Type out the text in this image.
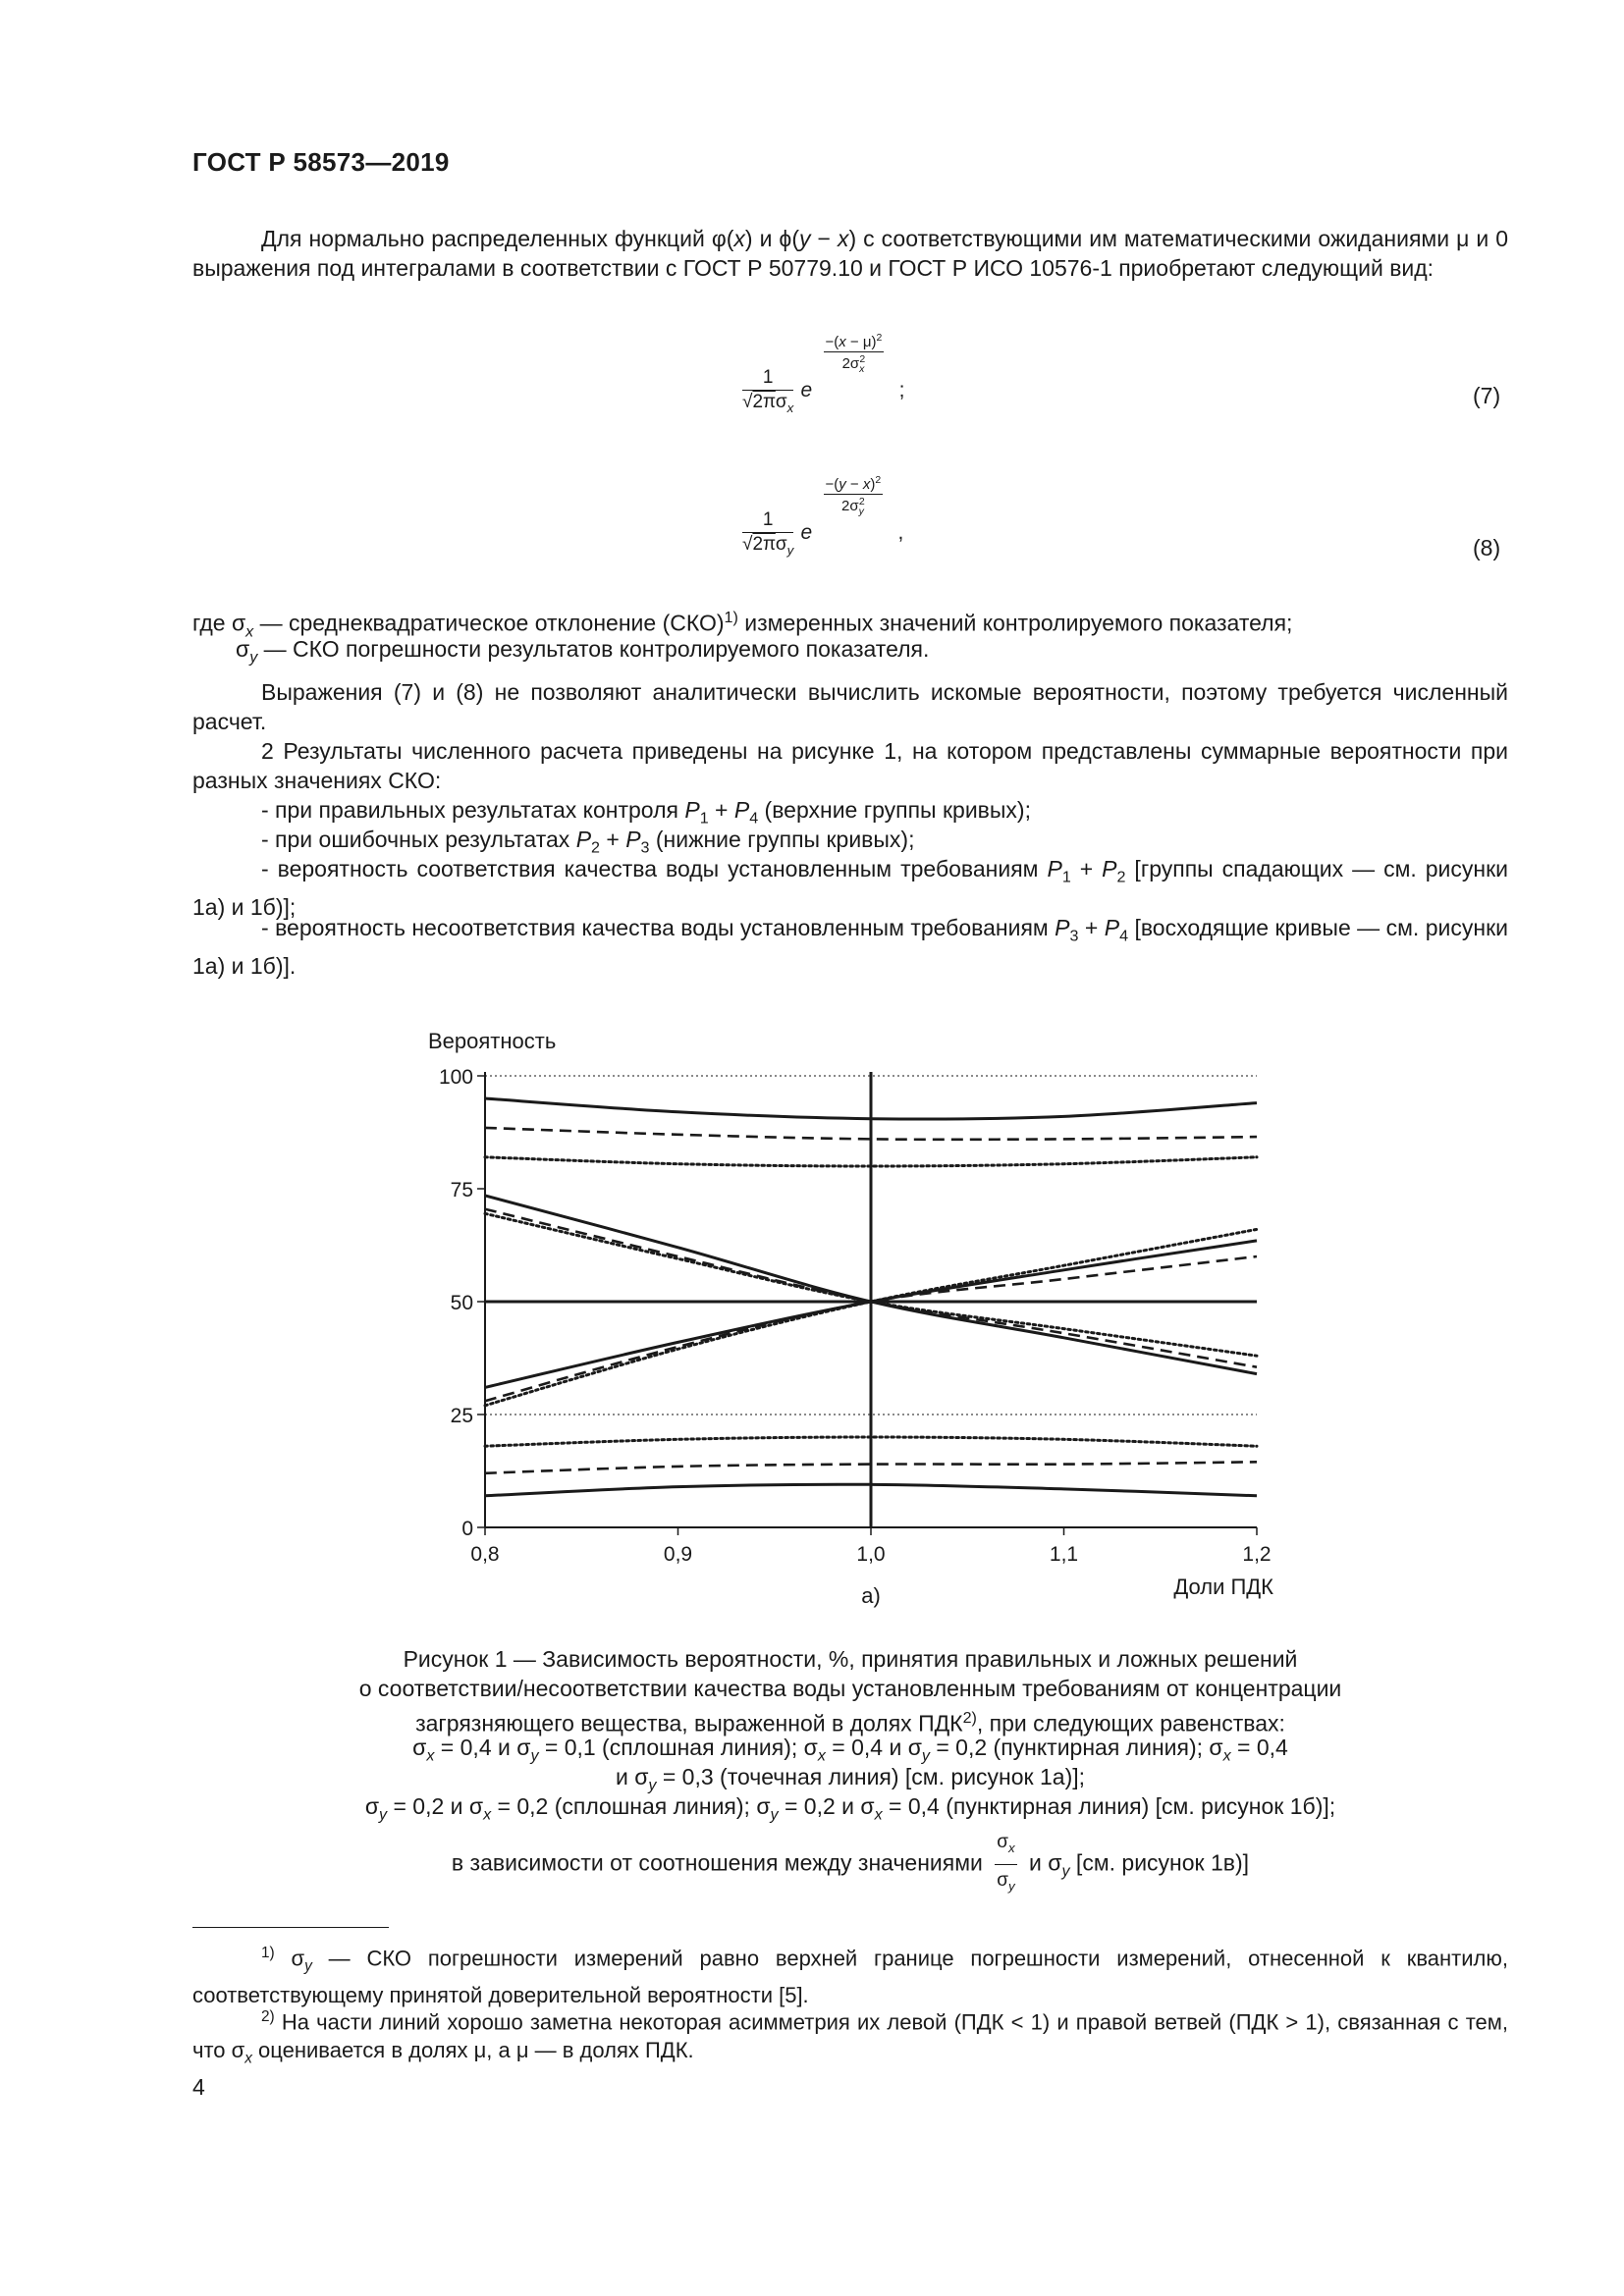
ГОСТ Р 58573—2019
Для нормально распределенных функций φ(x) и ϕ(y − x) с соответствующими им математическими ожиданиями μ и 0 выражения под интегралами в соответствии с ГОСТ Р 50779.10 и ГОСТ Р ИСО 10576-1 приобретают следующий вид:
$\frac{1}{√2\pi\sigma_x}$ e
$\frac{-(x - \mu)^2}{2\sigma_x^2}$
;	(7)
$\frac{1}{√2\pi\sigma_y}$ e
$\frac{-(y - x)^2}{2\sigma_y^2}$
,
(8)
где $\sigma_x$ — среднеквадратическое отклонение (СКО)$^{1)}$ измеренных значений контролируемого показателя;
$\sigma_y$ — СКО погрешности результатов контролируемого показателя.
Выражения (7) и (8) не позволяют аналитически вычислить искомые вероятности, поэтому требуется численный расчет.
2 Результаты численного расчета приведены на рисунке 1, на котором представлены суммарные вероятности при разных значениях СКО:
- при правильных результатах контроля $P_1 + P_4$ (верхние группы кривых);
- при ошибочных результатах $P_2 + P_3$ (нижние группы кривых);
- вероятность соответствия качества воды установленным требованиям $P_1 + P_2$ [группы спадающих — см. рисунки 1а) и 1б)];
- вероятность несоответствия качества воды установленным требованиям $P_3 + P_4$ [восходящие кривые — см. рисунки 1а) и 1б)].
0
25
50
75
100
0,8	0,9	1,0	1,1	1,2
Вероятность
Доли ПДК
а)
Рисунок 1 — Зависимость вероятности, %, принятия правильных и ложных решений
о соответствии/несоответствии качества воды установленным требованиям от концентрации
загрязняющего вещества, выраженной в долях ПДК$^{2)}$, при следующих равенствах:
$\sigma_x = 0,4$ и $\sigma_y = 0,1$ (сплошная линия); $\sigma_x = 0,4$ и $\sigma_y = 0,2$ (пунктирная линия); $\sigma_x = 0,4$
и $\sigma_y = 0,3$ (точечная линия) [см. рисунок 1а)];
$\sigma_y = 0,2$ и $\sigma_x = 0,2$ (сплошная линия); $\sigma_y = 0,2$ и $\sigma_x = 0,4$ (пунктирная линия) [см. рисунок 1б)];
в зависимости от соотношения между значениями $\frac{\sigma_x}{\sigma_y}$ и $\sigma_y$ [см. рисунок 1в)]
$^{1)}$ $\sigma_y$ — СКО погрешности измерений равно верхней границе погрешности измерений, отнесенной к квантилю, соответствующему принятой доверительной вероятности [5].
$^{2)}$ На части линий хорошо заметна некоторая асимметрия их левой (ПДК < 1) и правой ветвей (ПДК > 1), связанная с тем, что $\sigma_x$ оценивается в долях μ, а μ — в долях ПДК.
4
